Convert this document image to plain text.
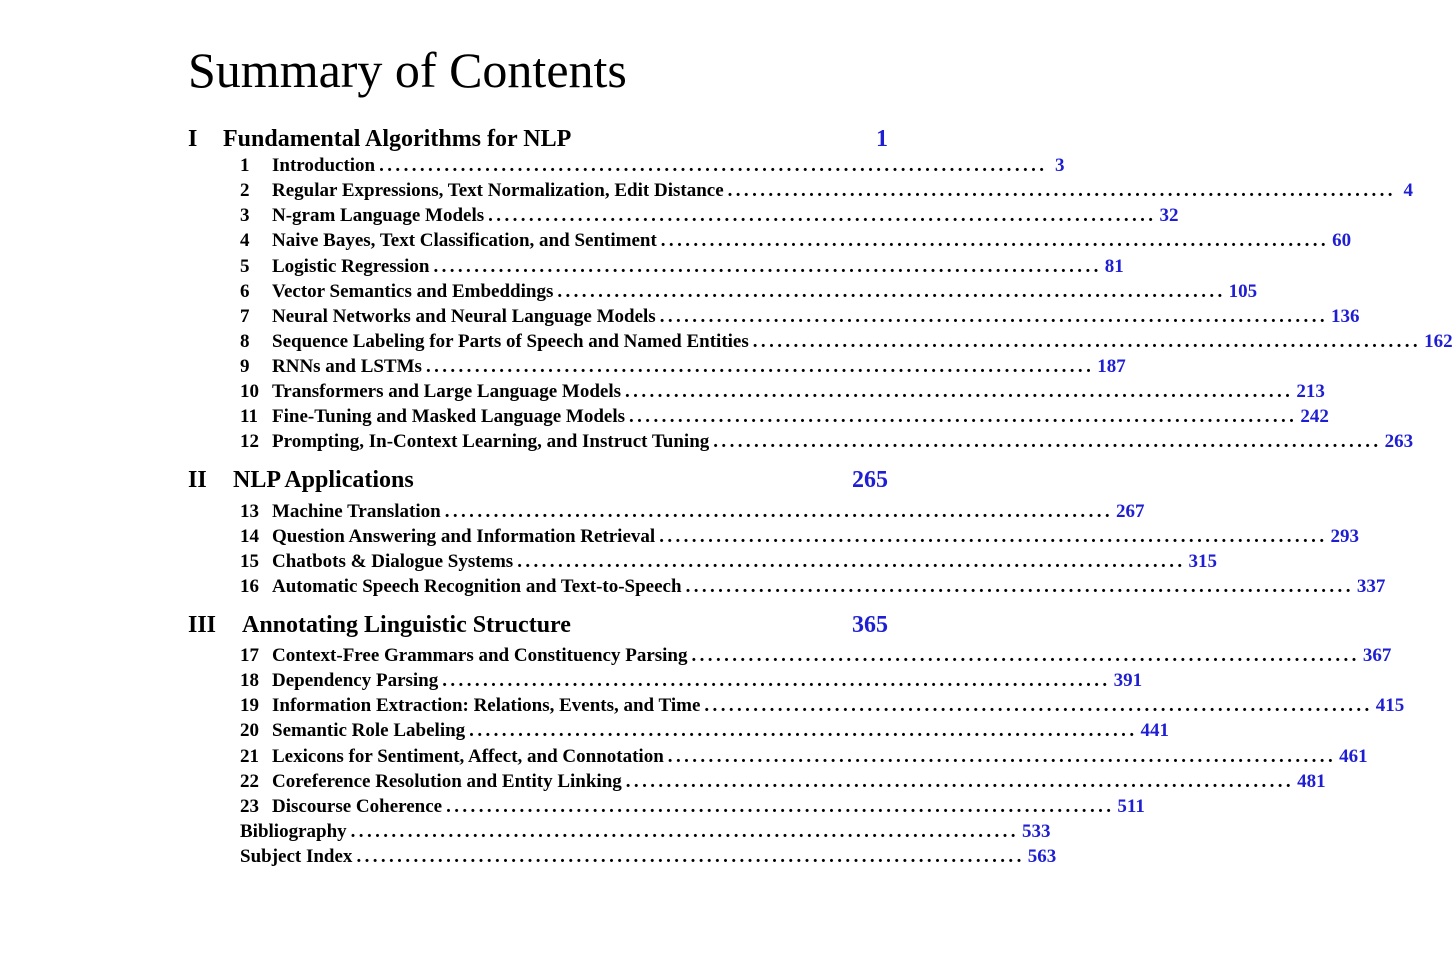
Summary of Contents
I Fundamental Algorithms for NLP	1
1	Introduction .................................................................................. 3
2	Regular Expressions, Text Normalization, Edit Distance .................................................................................. 4
3	N-gram Language Models .................................................................................. 32
4	Naive Bayes, Text Classification, and Sentiment .................................................................................. 60
5	Logistic Regression .................................................................................. 81
6	Vector Semantics and Embeddings .................................................................................. 105
7	Neural Networks and Neural Language Models .................................................................................. 136
8	Sequence Labeling for Parts of Speech and Named Entities .................................................................................. 162
9	RNNs and LSTMs .................................................................................. 187
10 Transformers and Large Language Models .................................................................................. 213
11 Fine-Tuning and Masked Language Models .................................................................................. 242
12 Prompting, In-Context Learning, and Instruct Tuning .................................................................................. 263
II NLP Applications	265
13 Machine Translation .................................................................................. 267
14 Question Answering and Information Retrieval .................................................................................. 293
15 Chatbots & Dialogue Systems .................................................................................. 315
16 Automatic Speech Recognition and Text-to-Speech .................................................................................. 337
III Annotating Linguistic Structure	365
17 Context-Free Grammars and Constituency Parsing .................................................................................. 367
18 Dependency Parsing .................................................................................. 391
19 Information Extraction: Relations, Events, and Time .................................................................................. 415
20 Semantic Role Labeling .................................................................................. 441
21 Lexicons for Sentiment, Affect, and Connotation .................................................................................. 461
22 Coreference Resolution and Entity Linking .................................................................................. 481
23 Discourse Coherence .................................................................................. 511
Bibliography .................................................................................. 533
Subject Index .................................................................................. 563
